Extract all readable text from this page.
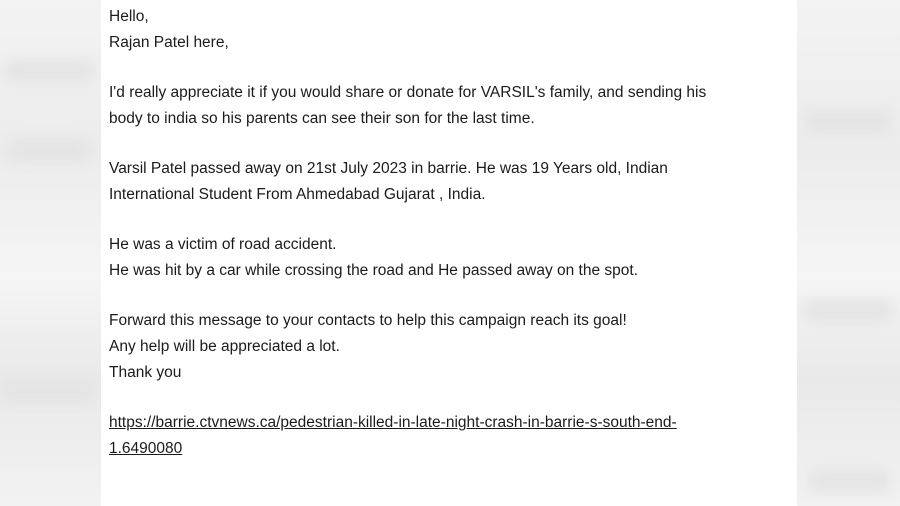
Hello,
Rajan Patel here,

I'd really appreciate it if you would share or donate for VARSIL's family, and sending his
body to india so his parents can see their son for the last time.

Varsil Patel passed away on 21st July 2023 in barrie. He was 19 Years old, Indian
International Student From Ahmedabad Gujarat , India.

He was a victim of road accident.
He was hit by a car while crossing the road and He passed away on the spot.

Forward this message to your contacts to help this campaign reach its goal!
Any help will be appreciated a lot.
Thank you

https://barrie.ctvnews.ca/pedestrian-killed-in-late-night-crash-in-barrie-s-south-end-
1.6490080
